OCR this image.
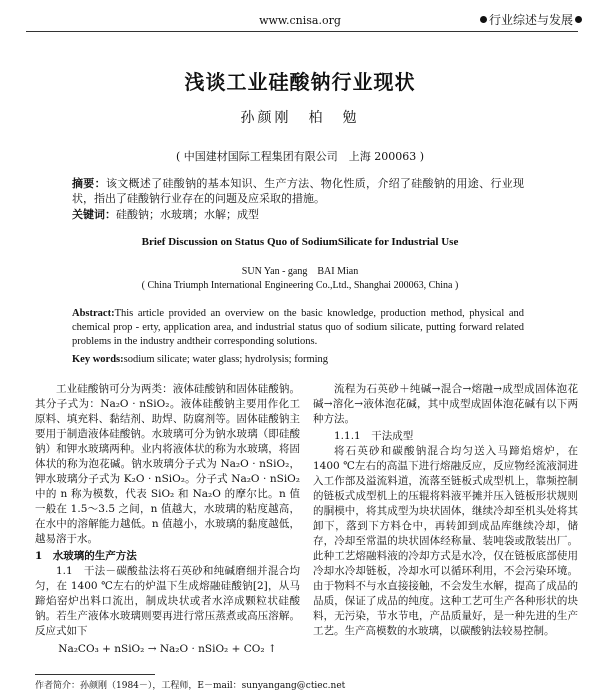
www.cnisa.org	行业综述与发展
浅谈工业硅酸钠行业现状
孙颜刚　柏　勉
( 中国建材国际工程集团有限公司　上海 200063 )
摘要：该文概述了硅酸钠的基本知识、生产方法、物化性质，介绍了硅酸钠的用途、行业现状，指出了硅酸钠行业存在的问题及应采取的措施。
关键词：硅酸钠；水玻璃；水解；成型
Brief Discussion on Status Quo of SodiumSilicate for Industrial Use
SUN Yan - gang　BAI Mian
( China Triumph International Engineering Co.,Ltd., Shanghai 200063, China )
Abstract:This article provided an overview on the basic knowledge, production method, physical and chemical prop - erty, application area, and industrial status quo of sodium silicate, putting forward related problems in the industry andtheir corresponding solutions.
Key words:sodium silicate; water glass; hydrolysis; forming

工业硅酸钠可分为两类：液体硅酸钠和固体硅酸钠。其分子式为：Na₂O · nSiO₂。液体硅酸钠主要用作化工原料、填充料、黏结剂、助焊、防腐剂等。固体硅酸钠主要用于制造液体硅酸钠。水玻璃可分为钠水玻璃（即硅酸钠）和钾水玻璃两种。业内将液体状的称为水玻璃，将固体状的称为泡花碱。钠水玻璃分子式为 Na₂O · nSiO₂，钾水玻璃分子式为 K₂O · nSiO₂。分子式 Na₂O · nSiO₂ 中的 n 称为模数，代表 SiO₂ 和 Na₂O 的摩尔比。n 值一般在 1.5～3.5 之间，n 值越大，水玻璃的粘度越高，在水中的溶解能力越低。n 值越小，水玻璃的黏度越低，越易溶于水。

1　水玻璃的生产方法

1.1　干法－碳酸盐法将石英砂和纯碱磨细并混合均匀，在 1400 ℃左右的炉温下生成熔融硅酸钠[2]，从马蹄焰窑炉出料口流出，制成块状或者水淬成颗粒状硅酸钠。若生产液体水玻璃则要再进行常压蒸煮或高压溶解。反应式如下

Na₂CO₃ + nSiO₂ → Na₂O · nSiO₂ + CO₂ ↑

流程为石英砂＋纯碱→混合→熔融→成型成固体泡花碱→溶化→液体泡花碱，其中成型成固体泡花碱有以下两种方法。

1.1.1　干法成型

将石英砂和碳酸钠混合均匀送入马蹄焰熔炉，在 1400 ℃左右的高温下进行熔融反应，反应物经流液洞进入工作部及溢流料道，流落至链板式成型机上，靠频控制的链板式成型机上的压辊将料液平摊并压入链板形状规则的胴模中，将其成型为块状固体，继续冷却至机头处将其卸下，落到下方料仓中，再转卸到成品库继续冷却，储存，冷却至常温的块状固体经称量、装吨袋或散装出厂。此种工艺熔融料液的冷却方式是水冷，仅在链板底部使用冷却水冷却链板，冷却水可以循环利用，不会污染环境。由于物料不与水直接接触，不会发生水解，提高了成品的品质，保证了成品的纯度。这种工艺可生产各种形状的块料，无污染，节水节电，产品质量好，是一种先进的生产工艺。生产高模数的水玻璃，以碳酸钠法较易控制。

作者简介：孙颜刚（1984－），工程师，E－mail：sunyangang@ctiec.net
